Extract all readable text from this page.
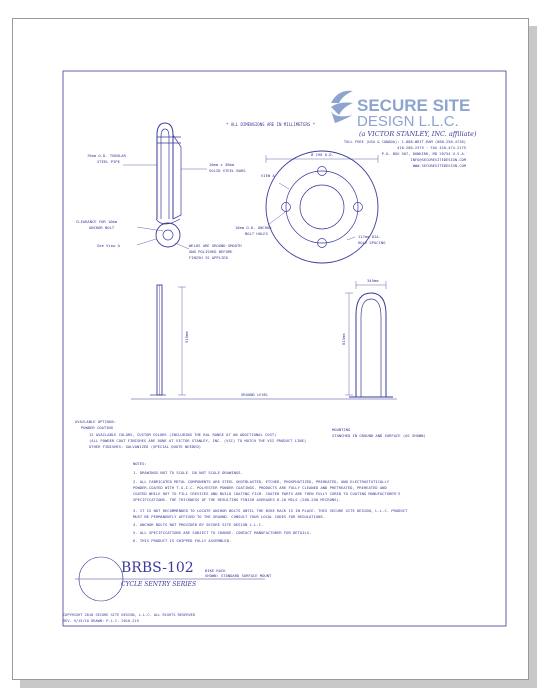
SECURE SITE
DESIGN L.L.C.
(a VICTOR STANLEY, INC. affiliate)
* ALL DIMENSIONS ARE IN MILLIMETERS *
TOLL FREE (USA & CANADA): 1-888-WRIT-RAM (888-258-4726)
410-286-2375 · FAX 410-474-2175
P.O. BOX 507, DUNKIRK, MD 20754 U.S.A.
INFO@SECURESITEDESIGN.COM
WWW.SECURESITEDESIGN.COM
76mm O.D. TUBULAR
STEEL PIPE
10mm x 38mm
SOLID STEEL BARS
CLEARANCE FOR 10mm
ANCHOR BOLT
See View A	WELDS ARE GROUND SMOOTH
AND POLISHED BEFORE
FINISH IS APPLIED
Ø 190 O.D.
VIEW A
16mm O.D. ANCHOR
BOLT HOLES
117mm DIA.
HOLE SPACING
916mm
GROUND LEVEL
349mm
813mm
MOUNTING
STANCHED IN GROUND AND SURFACE (AS SHOWN)
AVAILABLE OPTIONS:
POWDER COATING
12 AVAILABLE COLORS, CUSTOM COLORS (INCLUDING THE RAL RANGE AT AN ADDITIONAL COST)
(ALL POWDER COAT FINISHES ARE DONE AT VICTOR STANLEY, INC. (VSI) TO MATCH THE VSI PRODUCT LINE)
OTHER FINISHES: GALVANIZED (SPECIAL QUOTE NEEDED)
NOTES:
1. DRAWINGS NOT TO SCALE. DO NOT SCALE DRAWINGS.
2. ALL FABRICATED METAL COMPONENTS ARE STEEL SHOTBLASTED, ETCHED, PHOSPHATIZED, PREHEATED, AND ELECTROSTATICALLY
POWDER-COATED WITH T.G.I.C. POLYESTER POWDER COATINGS. PRODUCTS ARE FULLY CLEANED AND PRETREATED, PREHEATED AND
COATED WHILE HOT TO FILL CREVICES AND BUILD COATING FILM. COATED PARTS ARE THEN FULLY CURED TO COATING MANUFACTURER'S
SPECIFICATIONS. THE THICKNESS OF THE RESULTING FINISH AVERAGES 8-10 MILS (200-250 MICRONS).
3. IT IS NOT RECOMMENDED TO LOCATE ANCHOR BOLTS UNTIL THE BIKE RACK IS IN PLACE. THIS SECURE SITE DESIGN, L.L.C. PRODUCT
MUST BE PERMANENTLY AFFIXED TO THE GROUND. CONSULT YOUR LOCAL CODES FOR REGULATIONS.
4. ANCHOR BOLTS NOT PROVIDED BY SECURE SITE DESIGN L.L.C.
5. ALL SPECIFICATIONS ARE SUBJECT TO CHANGE. CONTACT MANUFACTURER FOR DETAILS.
6. THIS PRODUCT IS SHIPPED FULLY ASSEMBLED.
BRBS-102
CYCLE SENTRY SERIES
BIKE RACK
SHOWN: STANDARD SURFACE MOUNT
COPYRIGHT 2010 SECURE SITE DESIGN, L.L.C. ALL RIGHTS RESERVED
REV. 9/15/10 DRAWN: P.L.C. 2010-219
